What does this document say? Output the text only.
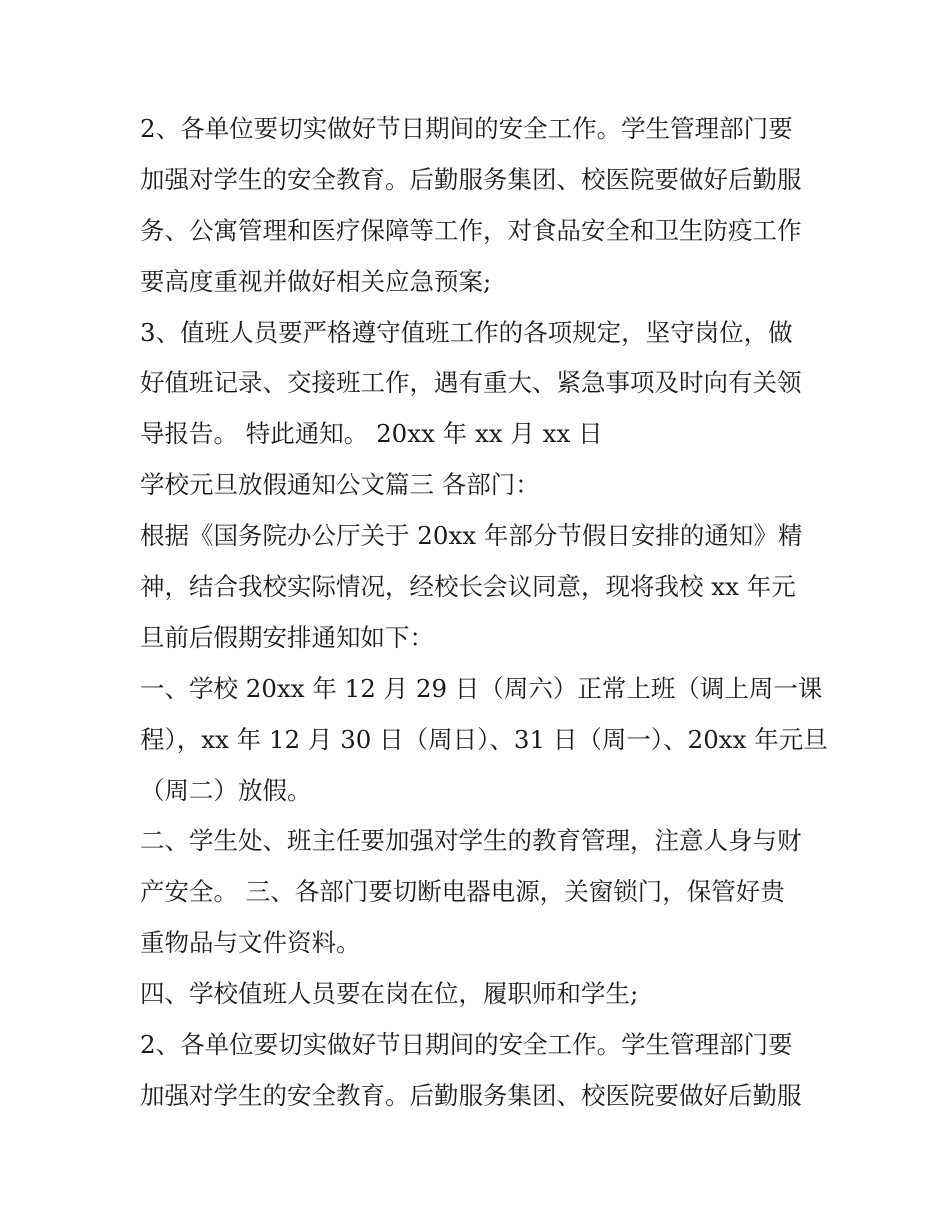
2、各单位要切实做好节日期间的安全工作。学生管理部门要
加强对学生的安全教育。后勤服务集团、校医院要做好后勤服
务、公寓管理和医疗保障等工作，对食品安全和卫生防疫工作
要高度重视并做好相关应急预案;
3、值班人员要严格遵守值班工作的各项规定，坚守岗位，做
好值班记录、交接班工作，遇有重大、紧急事项及时向有关领
导报告。 特此通知。 20xx 年 xx 月 xx 日
学校元旦放假通知公文篇三 各部门：
根据《国务院办公厅关于 20xx 年部分节假日安排的通知》精
神，结合我校实际情况，经校长会议同意，现将我校 xx 年元
旦前后假期安排通知如下：
一、学校 20xx 年 12 月 29 日（周六）正常上班（调上周一课
程），xx 年 12 月 30 日（周日）、31 日（周一）、20xx 年元旦
（周二）放假。
二、学生处、班主任要加强对学生的教育管理，注意人身与财
产安全。 三、各部门要切断电器电源，关窗锁门，保管好贵
重物品与文件资料。
四、学校值班人员要在岗在位，履职师和学生;
2、各单位要切实做好节日期间的安全工作。学生管理部门要
加强对学生的安全教育。后勤服务集团、校医院要做好后勤服
